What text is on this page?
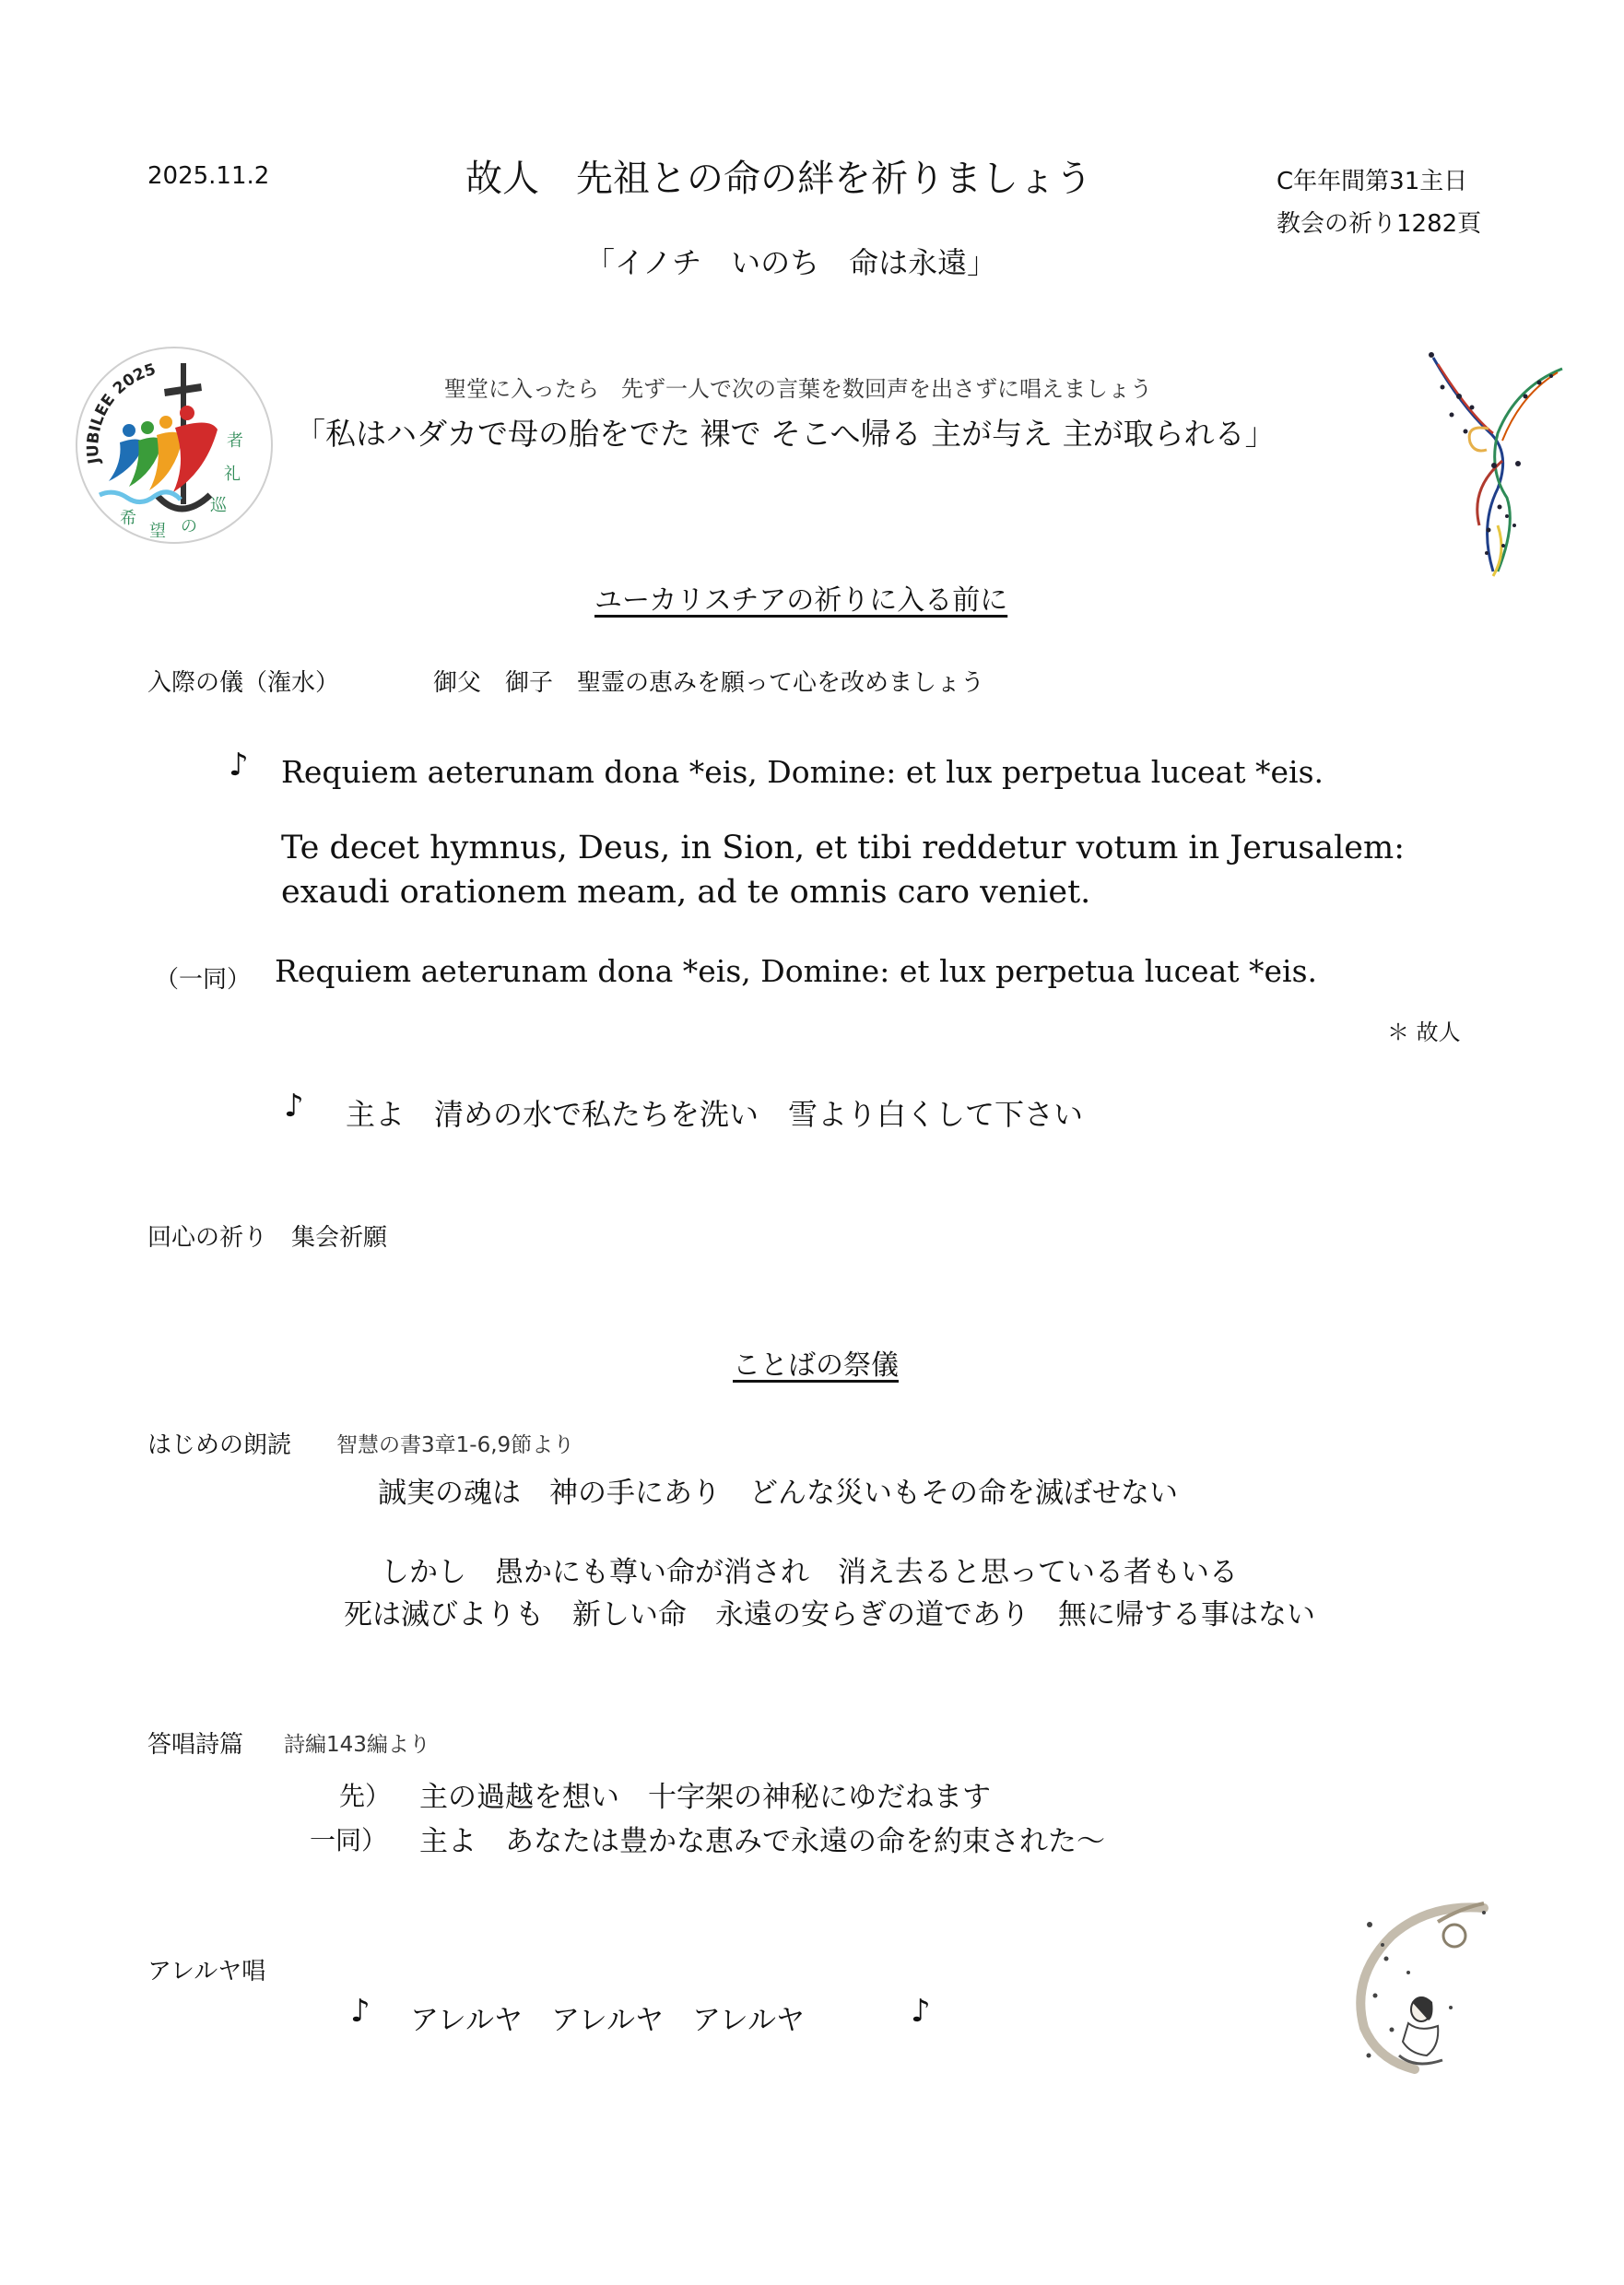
2025.11.2	故人　先祖との命の絆を祈りましょう	C年年間第31主日
教会の祈り1282頁
「イノチ　いのち　命は永遠」
JUBILEE 2025
者
礼
巡
の
望
希
聖堂に入ったら　先ず一人で次の言葉を数回声を出さずに唱えましょう
「私はハダカで母の胎をでた 裸で そこへ帰る 主が与え 主が取られる」
ユーカリスチアの祈りに入る前に
入際の儀（潅水）	御父　御子　聖霊の恵みを願って心を改めましょう
♪ Requiem aeterunam dona *eis, Domine: et lux perpetua luceat *eis.
Te decet hymnus, Deus, in Sion, et tibi reddetur votum in Jerusalem:
exaudi orationem meam, ad te omnis caro veniet.
（一同） Requiem aeterunam dona *eis, Domine: et lux perpetua luceat *eis.
＊ 故人
♪ 主よ　清めの水で私たちを洗い　雪より白くして下さい
回心の祈り　集会祈願
ことばの祭儀
はじめの朗読 智慧の書3章1-6,9節より
誠実の魂は　神の手にあり　どんな災いもその命を滅ぼせない
しかし　愚かにも尊い命が消され　消え去ると思っている者もいる
死は滅びよりも　新しい命　永遠の安らぎの道であり　無に帰する事はない
答唱詩篇 詩編143編より
先） 主の過越を想い　十字架の神秘にゆだねます
一同） 主よ　あなたは豊かな恵みで永遠の命を約束された～
アレルヤ唱
♪ アレルヤ　アレルヤ　アレルヤ	♪
